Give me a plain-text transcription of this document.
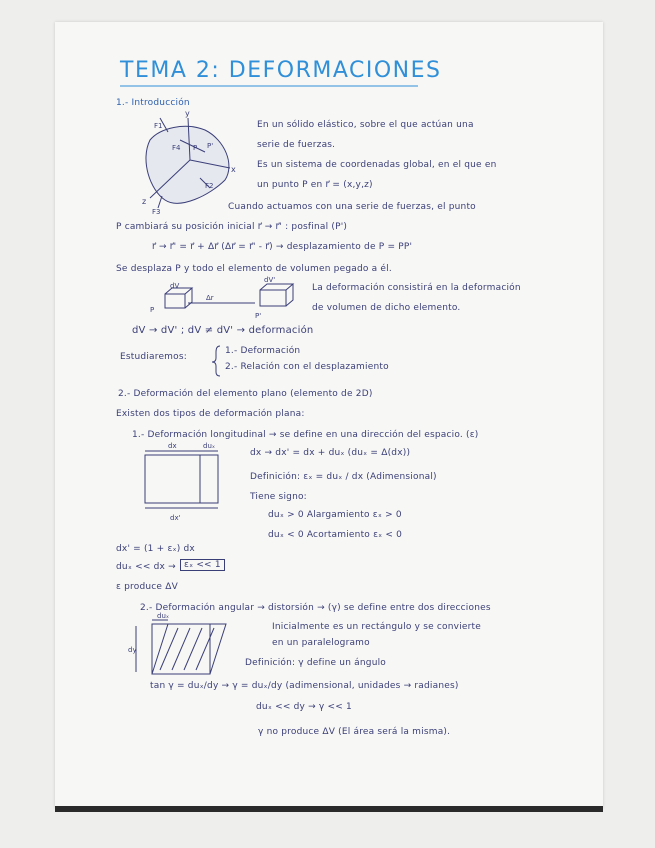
TEMA 2: DEFORMACIONES
1.- Introducción
En un sólido elástico, sobre el que actúan una
serie de fuerzas.
Es un sistema de coordenadas global, en el que en
un punto P en r⃗ = (x,y,z)
Cuando actuamos con una serie de fuerzas, el punto
P cambiará su posición inicial r⃗ → r⃗' : posfinal (P')
r⃗ → r⃗' = r⃗ + Δr⃗ (Δr⃗ = r⃗' - r⃗) → desplazamiento de P = PP'
Se desplaza P y todo el elemento de volumen pegado a él.
La deformación consistirá en la deformación
de volumen de dicho elemento.
dV → dV' ; dV ≠ dV' → deformación
Estudiaremos:
1.- Deformación
2.- Relación con el desplazamiento
2.- Deformación del elemento plano (elemento de 2D)
Existen dos tipos de deformación plana:
1.- Deformación longitudinal → se define en una dirección del espacio. (ε)
dx → dx' = dx + duₓ (duₓ = Δ(dx))
Definición: εₓ = duₓ / dx (Adimensional)
Tiene signo:
duₓ > 0 Alargamiento εₓ > 0
duₓ < 0 Acortamiento εₓ < 0
dx' = (1 + εₓ) dx
duₓ << dx → εₓ << 1
ε produce ΔV
2.- Deformación angular → distorsión → (γ) se define entre dos direcciones
Inicialmente es un rectángulo y se convierte
en un paralelogramo
Definición: γ define un ángulo
tan γ = duₓ/dy → γ = duₓ/dy (adimensional, unidades → radianes)
duₓ << dy → γ << 1
γ no produce ΔV (El área será la misma).
x
y
z
F1
F2
F3
F4 P P'
dV
dV'
P
P'
Δr
dx	duₓ
dx'
duₓ
dy
